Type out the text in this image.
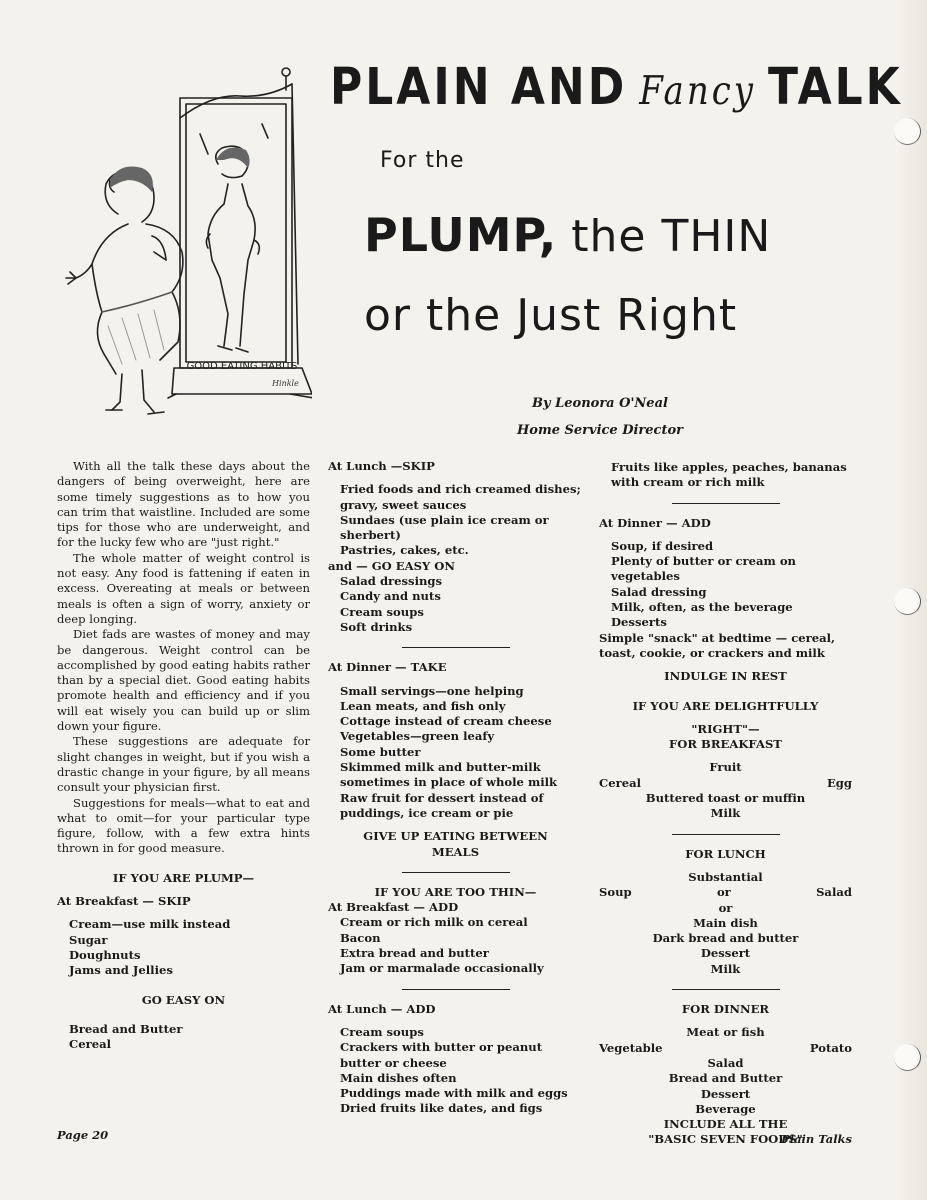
GOOD EATING HABITS
Hinkle
PLAIN AND Fancy TALK
For the
PLUMP, the THIN
or the Just Right
By Leonora O'Neal
Home Service Director

With all the talk these days about the dangers of being overweight, here are some timely suggestions as to how you can trim that waistline. Included are some tips for those who are underweight, and for the lucky few who are "just right."

The whole matter of weight control is not easy. Any food is fattening if eaten in excess. Overeating at meals or between meals is often a sign of worry, anxiety or deep longing.

Diet fads are wastes of money and may be dangerous. Weight control can be accomplished by good eating habits rather than by a special diet. Good eating habits promote health and efficiency and if you will eat wisely you can build up or slim down your figure.

These suggestions are adequate for slight changes in weight, but if you wish a drastic change in your figure, by all means consult your physician first.

Suggestions for meals—what to eat and what to omit—for your particular type figure, follow, with a few extra hints thrown in for good measure.

IF YOU ARE PLUMP—

At Breakfast — SKIP

Cream—use milk instead

Sugar

Doughnuts

Jams and Jellies

GO EASY ON

Bread and Butter

Cereal

At Lunch —SKIP

Fried foods and rich creamed dishes; gravy, sweet sauces

Sundaes (use plain ice cream or sherbert)

Pastries, cakes, etc.

and — GO EASY ON

Salad dressings

Candy and nuts

Cream soups

Soft drinks

At Dinner — TAKE

Small servings—one helping

Lean meats, and fish only

Cottage instead of cream cheese

Vegetables—green leafy

Some butter

Skimmed milk and butter-milk sometimes in place of whole milk

Raw fruit for dessert instead of puddings, ice cream or pie

GIVE UP EATING BETWEEN MEALS

IF YOU ARE TOO THIN—

At Breakfast — ADD

Cream or rich milk on cereal

Bacon

Extra bread and butter

Jam or marmalade occasionally

At Lunch — ADD

Cream soups

Crackers with butter or peanut butter or cheese

Main dishes often

Puddings made with milk and eggs

Dried fruits like dates, and figs

Fruits like apples, peaches, bananas with cream or rich milk

At Dinner — ADD

Soup, if desired

Plenty of butter or cream on vegetables

Salad dressing

Milk, often, as the beverage

Desserts

Simple "snack" at bedtime — cereal, toast, cookie, or crackers and milk

INDULGE IN REST

IF YOU ARE DELIGHTFULLY

"RIGHT"—

FOR BREAKFAST

Fruit

Cereal	Egg

Buttered toast or muffin

Milk

FOR LUNCH

Substantial

Soup	or	Salad

or

Main dish

Dark bread and butter

Dessert

Milk

FOR DINNER

Meat or fish

Vegetable	Potato

Salad

Bread and Butter

Dessert

Beverage

INCLUDE ALL THE

"BASIC SEVEN FOODS"

Page 20	Plain Talks
